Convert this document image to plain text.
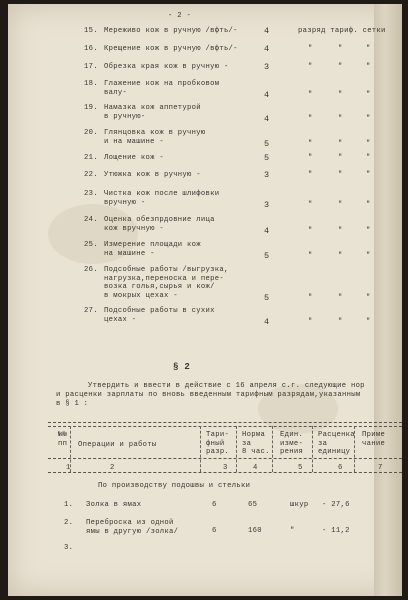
- 2 -
15. Мереживо кож в ручную /вфть/-	4	разряд тариф. сетки
16. Крещение кож в ручную /вфть/-	4	"	"	"
17. Обрезка края кож в ручную -	3	"	"	"
18. Глажение кож на пробковом
валу-	4	"	"	"
19. Намазка кож аппетурой
в ручную-	4	"	"	"
20. Глянцовка кож в ручную
и на машине -	5	"	"	"
21. Лощение кож -	5	"	"	"
22. Утюжка кож в ручную -	3	"	"	"
23. Чистка кож после шлифовки
вручную -	3	"	"	"
24. Оценка обезпрдовние лица
кож вручную -	4	"	"	"
25. Измерение площади кож
на машине -	5	"	"	"
26. Подсобные работы /выгрузка,
нагрузка,переноска и пере-
возка голья,сырья и кож/
в мокрых цехах -	5	"	"	"
27. Подсобные работы в сухих
цехах -	4	"	"	"
§ 2
Утвердить и ввести в действие с 16 апреля с.г. следующие нор
и расценки зарплаты по вновь введенным тарифным разрядам,указанным
в § 1 :
№№
пп Операции и работы
Тари-
фный
разр.
Норма
за
8 час.
Един.
изме-
рения
Расценка
за
единицу
Приме
чание
1	2	3	4	5	6	7
По производству подошвы и стельки
1. Золка в ямах	6	65	шкур - 27,6
2. Переброска из одной
ямы в другую /золка/	6	160	"	- 11,2
3.
